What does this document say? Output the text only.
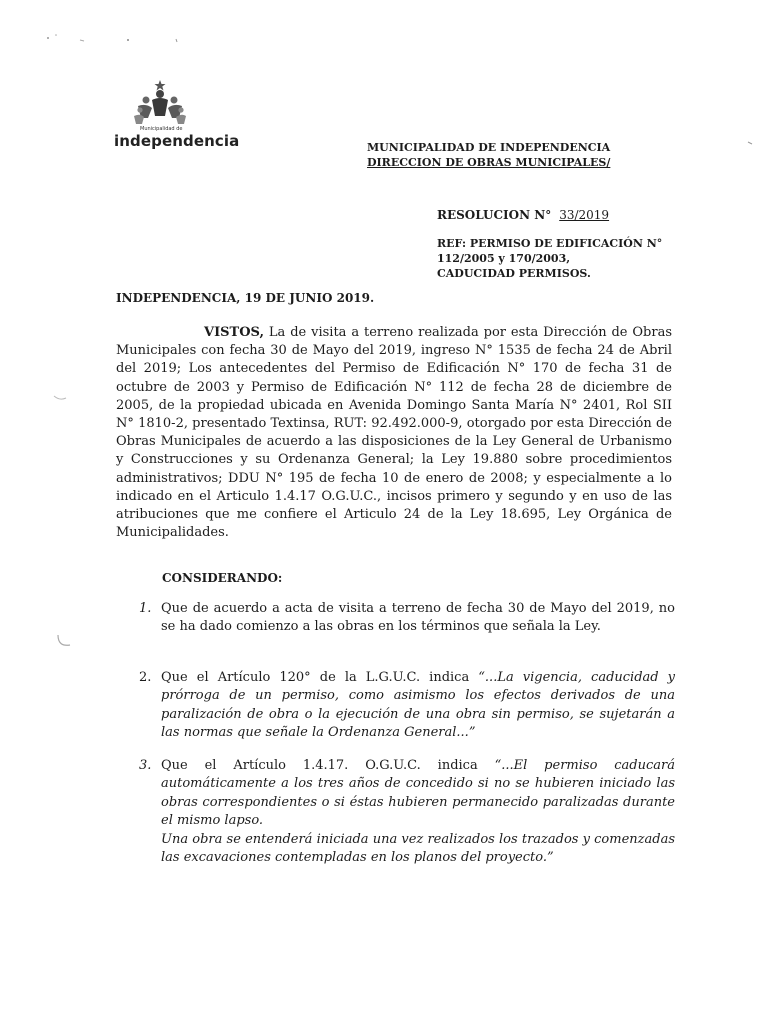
Municipalidad de
independencia	MUNICIPALIDAD DE INDEPENDENCIA
DIRECCION DE OBRAS MUNICIPALES/
RESOLUCION N° 33/2019
REF: PERMISO DE EDIFICACIÓN N°
112/2005 y 170/2003,
CADUCIDAD PERMISOS.
INDEPENDENCIA, 19 DE JUNIO 2019.
VISTOS, La de visita a terreno realizada por esta Dirección de Obras Municipales con fecha 30 de Mayo del 2019, ingreso N° 1535 de fecha 24 de Abril del 2019; Los antecedentes del Permiso de Edificación N° 170 de fecha 31 de octubre de 2003 y Permiso de Edificación N° 112 de fecha 28 de diciembre de 2005, de la propiedad ubicada en Avenida Domingo Santa María N° 2401, Rol SII N° 1810-2, presentado Textinsa, RUT: 92.492.000-9, otorgado por esta Dirección de Obras Municipales de acuerdo a las disposiciones de la Ley General de Urbanismo y Construcciones y su Ordenanza General; la Ley 19.880 sobre procedimientos administrativos; DDU N° 195 de fecha 10 de enero de 2008; y especialmente a lo indicado en el Articulo 1.4.17 O.G.U.C., incisos primero y segundo y en uso de las atribuciones que me confiere el Articulo 24 de la Ley 18.695, Ley Orgánica de Municipalidades.
CONSIDERANDO:
1. Que de acuerdo a acta de visita a terreno de fecha 30 de Mayo del 2019, no se ha dado comienzo a las obras en los términos que señala la Ley.
2. Que el Artículo 120° de la L.G.U.C. indica “...La vigencia, caducidad y prórroga de un permiso, como asimismo los efectos derivados de una paralización de obra o la ejecución de una obra sin permiso, se sujetarán a las normas que señale la Ordenanza General...”
3. Que el Artículo 1.4.17. O.G.U.C. indica “...El permiso caducará automáticamente a los tres años de concedido si no se hubieren iniciado las obras correspondientes o si éstas hubieren permanecido paralizadas durante el mismo lapso.
Una obra se entenderá iniciada una vez realizados los trazados y comenzadas las excavaciones contempladas en los planos del proyecto.”
